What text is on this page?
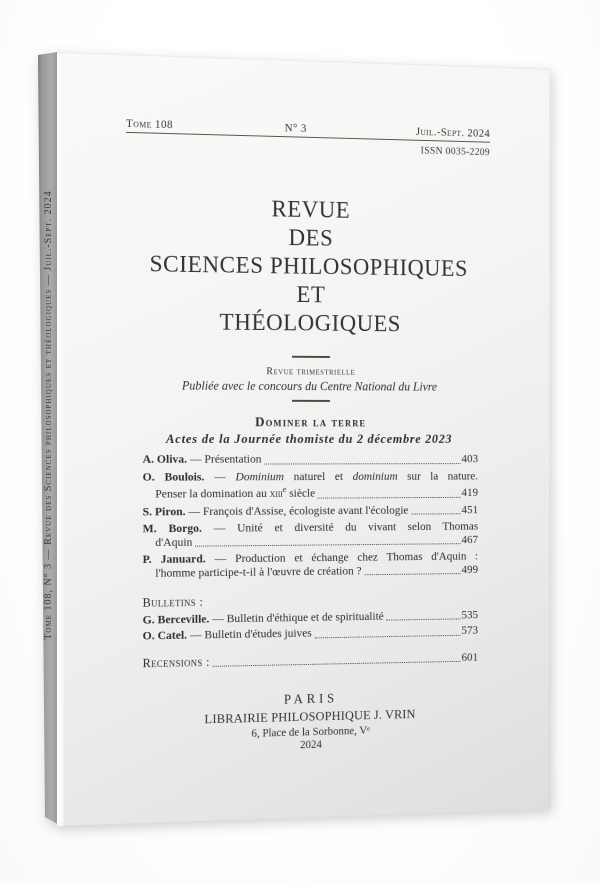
Tome 108, N° 3 — Revue des Sciences philosophiques et théologiques — Juil.-Sept. 2024
Tome 108	N° 3	Juil.-Sept. 2024
ISSN 0035-2209
REVUE
DES
SCIENCES PHILOSOPHIQUES
ET
THÉOLOGIQUES
Revue trimestrielle
Publiée avec le concours du Centre National du Livre
Dominer la terre
Actes de la Journée thomiste du 2 décembre 2023
A. Oliva. — Présentation	403
O. Boulois. — Dominium naturel et dominium sur la nature.
Penser la domination au xiii$^e$ siècle	419
S. Piron. — François d'Assise, écologiste avant l'écologie	451
M. Borgo. — Unité et diversité du vivant selon Thomas
d'Aquin	467
P. Januard. — Production et échange chez Thomas d'Aquin :
l'homme participe-t-il à l'œuvre de création ?	499
Bulletins :
G. Berceville. — Bulletin d'éthique et de spiritualité	535
O. Catel. — Bulletin d'études juives	573
Recensions :	601
PARIS
LIBRAIRIE PHILOSOPHIQUE J. VRIN
6, Place de la Sorbonne, Vᵉ
2024
